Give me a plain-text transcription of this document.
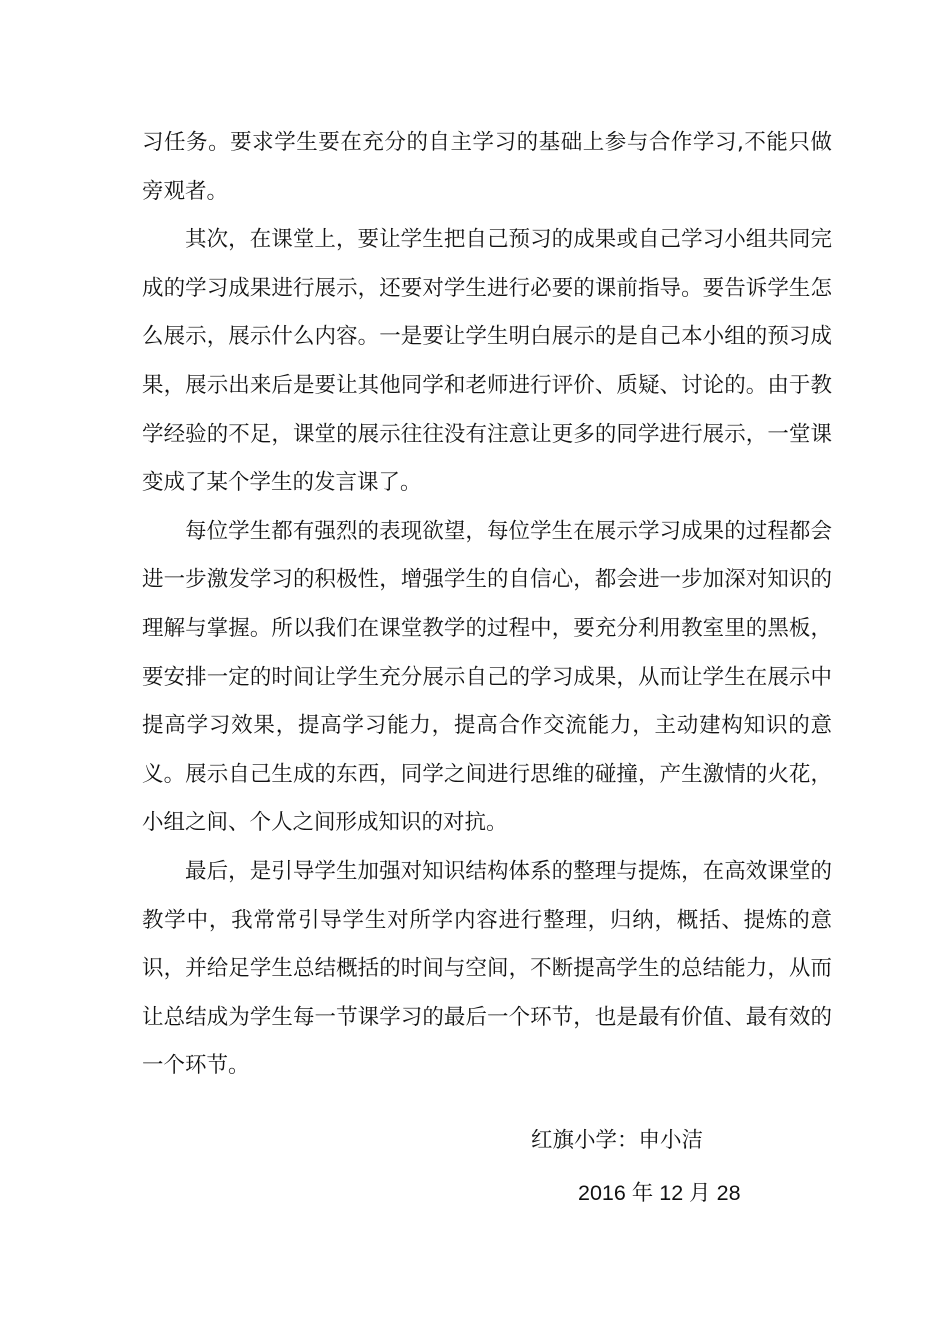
习任务。要求学生要在充分的自主学习的基础上参与合作学习,不能只做旁观者。

其次，在课堂上，要让学生把自己预习的成果或自己学习小组共同完成的学习成果进行展示，还要对学生进行必要的课前指导。要告诉学生怎么展示，展示什么内容。一是要让学生明白展示的是自己本小组的预习成果，展示出来后是要让其他同学和老师进行评价、质疑、讨论的。由于教学经验的不足，课堂的展示往往没有注意让更多的同学进行展示，一堂课变成了某个学生的发言课了。

每位学生都有强烈的表现欲望，每位学生在展示学习成果的过程都会进一步激发学习的积极性，增强学生的自信心，都会进一步加深对知识的理解与掌握。所以我们在课堂教学的过程中，要充分利用教室里的黑板，要安排一定的时间让学生充分展示自己的学习成果，从而让学生在展示中提高学习效果，提高学习能力，提高合作交流能力，主动建构知识的意义。展示自己生成的东西，同学之间进行思维的碰撞，产生激情的火花，小组之间、个人之间形成知识的对抗。

最后，是引导学生加强对知识结构体系的整理与提炼，在高效课堂的教学中，我常常引导学生对所学内容进行整理，归纳，概括、提炼的意识，并给足学生总结概括的时间与空间，不断提高学生的总结能力，从而让总结成为学生每一节课学习的最后一个环节，也是最有价值、最有效的一个环节。

红旗小学：申小洁
2016 年 12 月 28
